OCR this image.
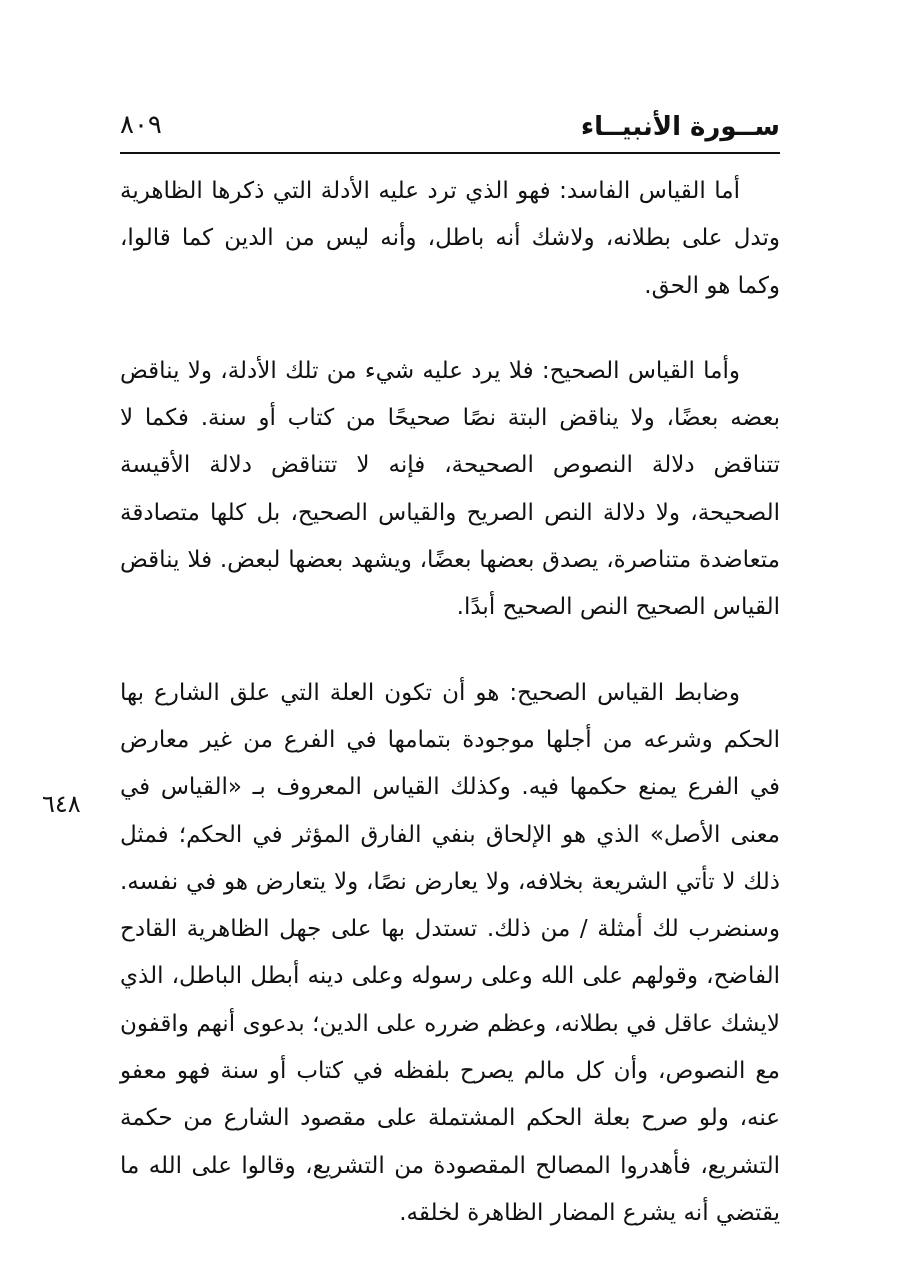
ســورة الأنبيــاء
٨٠٩

أما القياس الفاسد: فهو الذي ترد عليه الأدلة التي ذكرها الظاهرية وتدل على بطلانه، ولاشك أنه باطل، وأنه ليس من الدين كما قالوا، وكما هو الحق.

وأما القياس الصحيح: فلا يرد عليه شيء من تلك الأدلة، ولا يناقض بعضه بعضًا، ولا يناقض البتة نصًا صحيحًا من كتاب أو سنة. فكما لا تتناقض دلالة النصوص الصحيحة، فإنه لا تتناقض دلالة الأقيسة الصحيحة، ولا دلالة النص الصريح والقياس الصحيح، بل كلها متصادقة متعاضدة متناصرة، يصدق بعضها بعضًا، ويشهد بعضها لبعض. فلا يناقض القياس الصحيح النص الصحيح أبدًا.

وضابط القياس الصحيح: هو أن تكون العلة التي علق الشارع بها الحكم وشرعه من أجلها موجودة بتمامها في الفرع من غير معارض في الفرع يمنع حكمها فيه. وكذلك القياس المعروف بـ «القياس في معنى الأصل» الذي هو الإلحاق بنفي الفارق المؤثر في الحكم؛ فمثل ذلك لا تأتي الشريعة بخلافه، ولا يعارض نصًا، ولا يتعارض هو في نفسه. وسنضرب لك أمثلة / من ذلك. تستدل بها على جهل الظاهرية القادح الفاضح، وقولهم على الله وعلى رسوله وعلى دينه أبطل الباطل، الذي لايشك عاقل في بطلانه، وعظم ضرره على الدين؛ بدعوى أنهم واقفون مع النصوص، وأن كل مالم يصرح بلفظه في كتاب أو سنة فهو معفو عنه، ولو صرح بعلة الحكم المشتملة على مقصود الشارع من حكمة التشريع، فأهدروا المصالح المقصودة من التشريع، وقالوا على الله ما يقتضي أنه يشرع المضار الظاهرة لخلقه.

٦٤٨
